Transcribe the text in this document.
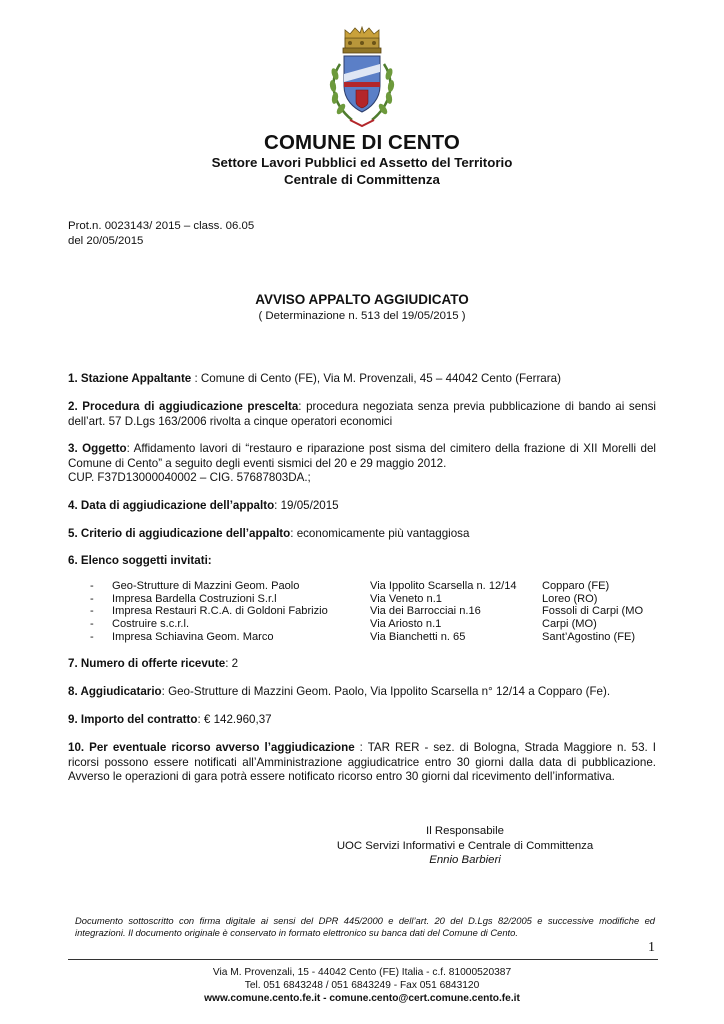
COMUNE DI CENTO
Settore Lavori Pubblici ed Assetto del Territorio
Centrale di Committenza
Prot.n. 0023143/ 2015 – class. 06.05
del 20/05/2015
AVVISO APPALTO AGGIUDICATO
( Determinazione n. 513 del 19/05/2015 )
1. Stazione Appaltante : Comune di Cento (FE), Via M. Provenzali, 45 – 44042 Cento (Ferrara)
2. Procedura di aggiudicazione prescelta: procedura negoziata senza previa pubblicazione di bando ai sensi dell’art. 57 D.Lgs 163/2006 rivolta a cinque operatori economici
3. Oggetto: Affidamento lavori di “restauro e riparazione post sisma del cimitero della frazione di XII Morelli del Comune di Cento” a seguito degli eventi sismici del 20 e 29 maggio 2012.
CUP. F37D13000040002 – CIG. 57687803DA.;
4. Data di aggiudicazione dell’appalto: 19/05/2015
5. Criterio di aggiudicazione dell’appalto: economicamente più vantaggiosa
6. Elenco soggetti invitati:
- Geo-Strutture di Mazzini Geom. Paolo	Via Ippolito Scarsella n. 12/14 Copparo (FE)
- Impresa Bardella Costruzioni S.r.l	Via Veneto n.1	Loreo (RO)
- Impresa Restauri R.C.A. di Goldoni Fabrizio	Via dei Barrocciai n.16	Fossoli di Carpi (MO
- Costruire s.c.r.l.	Via Ariosto n.1	Carpi (MO)
- Impresa Schiavina Geom. Marco	Via Bianchetti n. 65	Sant’Agostino (FE)
7. Numero di offerte ricevute: 2
8. Aggiudicatario: Geo-Strutture di Mazzini Geom. Paolo, Via Ippolito Scarsella n° 12/14 a Copparo (Fe).
9. Importo del contratto: € 142.960,37
10. Per eventuale ricorso avverso l’aggiudicazione : TAR RER - sez. di Bologna, Strada Maggiore n. 53. I ricorsi possono essere notificati all’Amministrazione aggiudicatrice entro 30 giorni dalla data di pubblicazione. Avverso le operazioni di gara potrà essere notificato ricorso entro 30 giorni dal ricevimento dell’informativa.
Il Responsabile
UOC Servizi Informativi e Centrale di Committenza
Ennio Barbieri
Documento sottoscritto con firma digitale ai sensi del DPR 445/2000 e dell’art. 20 del D.Lgs 82/2005 e successive modifiche ed integrazioni. Il documento originale è conservato in formato elettronico su banca dati del Comune di Cento.
1
Via M. Provenzali, 15 - 44042 Cento (FE) Italia - c.f. 81000520387
Tel. 051 6843248 / 051 6843249 - Fax 051 6843120
www.comune.cento.fe.it - comune.cento@cert.comune.cento.fe.it
